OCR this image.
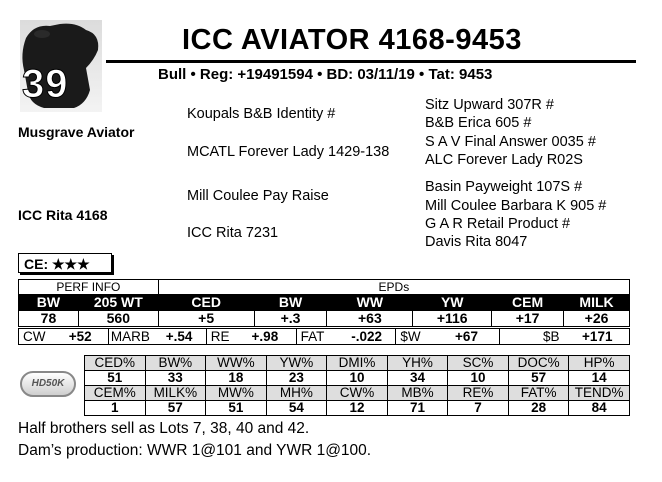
39
ICC AVIATOR 4168-9453
Bull • Reg: +19491594 • BD: 03/11/19 • Tat: 9453
Musgrave Aviator
ICC Rita 4168
Koupals B&B Identity #
MCATL Forever Lady 1429-138
Mill Coulee Pay Raise
ICC Rita 7231
Sitz Upward 307R #
B&B Erica 605 #
S A V Final Answer 0035 #
ALC Forever Lady R02S
Basin Payweight 107S #
Mill Coulee Barbara K 905 #
G A R Retail Product #
Davis Rita 8047
CE: ★★★
PERF INFO		EPDs					
BW	205 WT	CED	BW	WW	YW	CEM	MILK
78	560	+5	+.3	+63	+116	+17	+26
CW	+52	MARB	+.54	RE	+.98	FAT	-.022	$W	+67	$B	+171
HD50K
CED%	BW%	WW%	YW%	DMI%	YH%	SC%	DOC%	HP%
51	33	18	23	10	34	10	57	14
CEM%	MILK%	MW%	MH%	CW%	MB%	RE%	FAT%	TEND%
1	57	51	54	12	71	7	28	84
Half brothers sell as Lots 7, 38, 40 and 42.
Dam’s production: WWR 1@101 and YWR 1@100.
